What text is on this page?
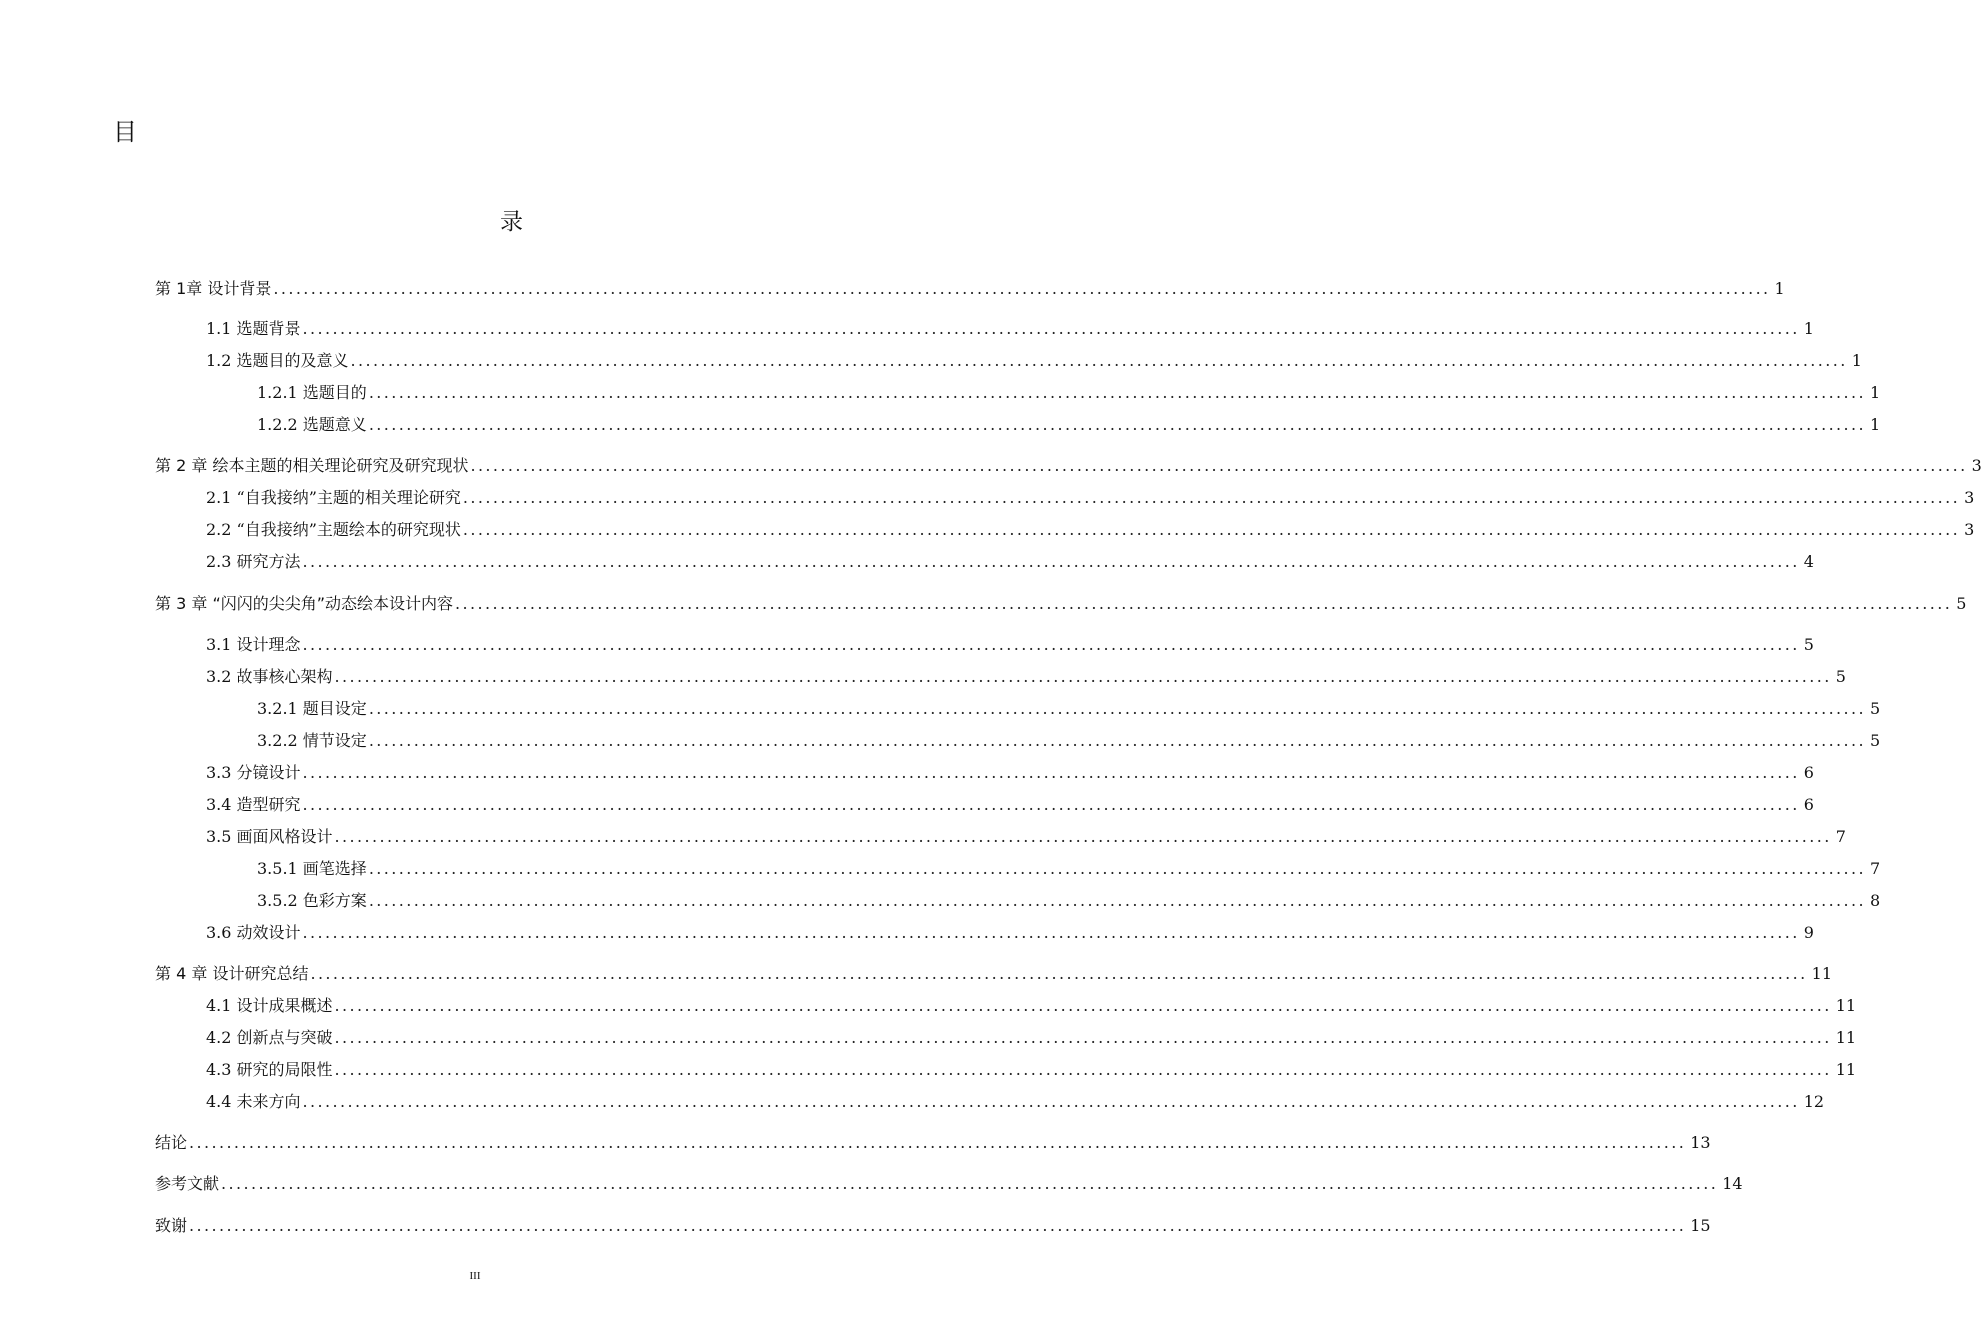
目
录
第 1章 设计背景 ........................................................................................................................................................................................................ 1
1.1 选题背景 ........................................................................................................................................................................................................ 1
1.2 选题目的及意义 ........................................................................................................................................................................................................ 1
1.2.1 选题目的 ........................................................................................................................................................................................................ 1
1.2.2 选题意义 ........................................................................................................................................................................................................ 1
第 2 章 绘本主题的相关理论研究及研究现状 ........................................................................................................................................................................................................ 3
2.1 “自我接纳”主题的相关理论研究 ........................................................................................................................................................................................................ 3
2.2 “自我接纳”主题绘本的研究现状 ........................................................................................................................................................................................................ 3
2.3 研究方法 ........................................................................................................................................................................................................ 4
第 3 章 “闪闪的尖尖角”动态绘本设计内容 ........................................................................................................................................................................................................ 5
3.1 设计理念 ........................................................................................................................................................................................................ 5
3.2 故事核心架构 ........................................................................................................................................................................................................ 5
3.2.1 题目设定 ........................................................................................................................................................................................................ 5
3.2.2 情节设定 ........................................................................................................................................................................................................ 5
3.3 分镜设计 ........................................................................................................................................................................................................ 6
3.4 造型研究 ........................................................................................................................................................................................................ 6
3.5 画面风格设计 ........................................................................................................................................................................................................ 7
3.5.1 画笔选择 ........................................................................................................................................................................................................ 7
3.5.2 色彩方案 ........................................................................................................................................................................................................ 8
3.6 动效设计 ........................................................................................................................................................................................................ 9
第 4 章 设计研究总结 ........................................................................................................................................................................................................ 11
4.1 设计成果概述 ........................................................................................................................................................................................................ 11
4.2 创新点与突破 ........................................................................................................................................................................................................ 11
4.3 研究的局限性 ........................................................................................................................................................................................................ 11
4.4 未来方向 ........................................................................................................................................................................................................ 12
结论 ........................................................................................................................................................................................................ 13
参考文献 ........................................................................................................................................................................................................ 14
致谢 ........................................................................................................................................................................................................ 15
III
